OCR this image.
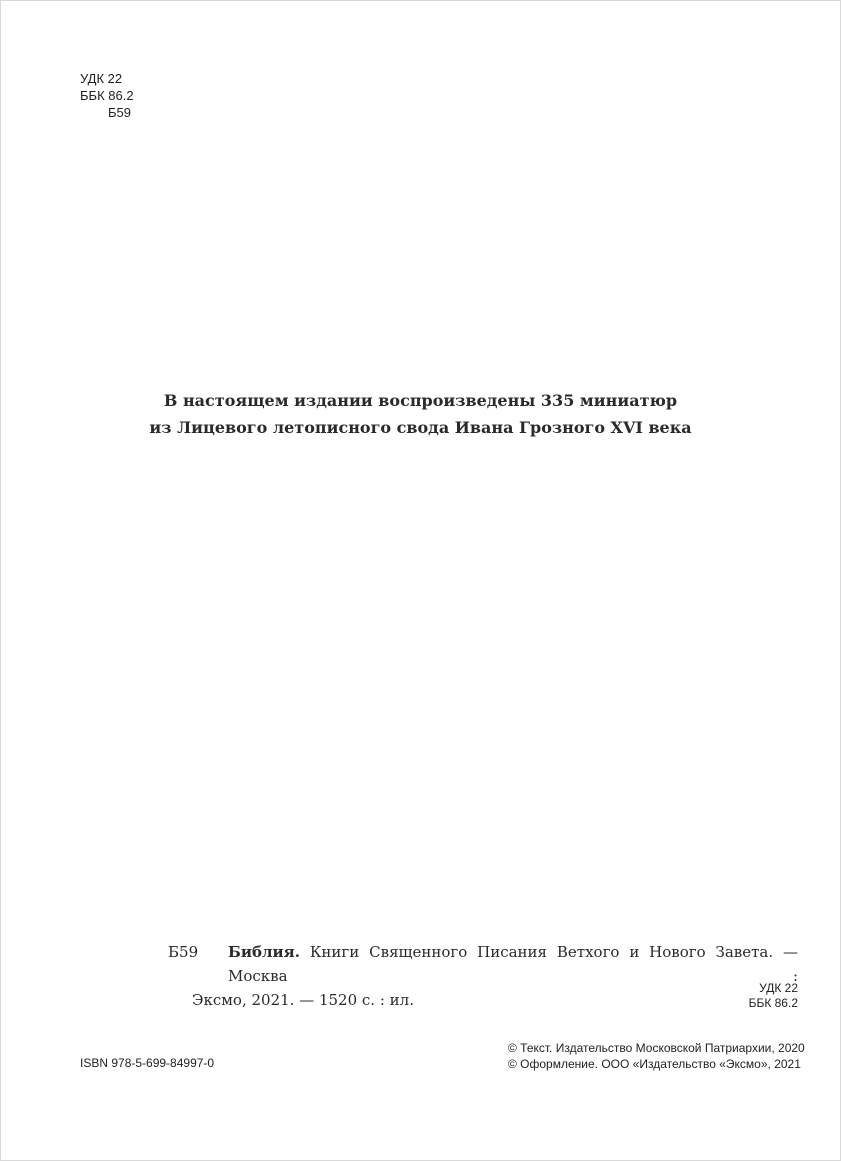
УДК 22
ББК 86.2
Б59
В настоящем издании воспроизведены 335 миниатюр
из Лицевого летописного свода Ивана Грозного XVI века
Б59	Библия. Книги Священного Писания Ветхого и Нового Завета. — Москва :
Эксмо, 2021. — 1520 с. : ил.
УДК 22
ББК 86.2
ISBN 978-5-699-84997-0
© Текст. Издательство Московской Патриархии, 2020
© Оформление. ООО «Издательство «Эксмо», 2021
